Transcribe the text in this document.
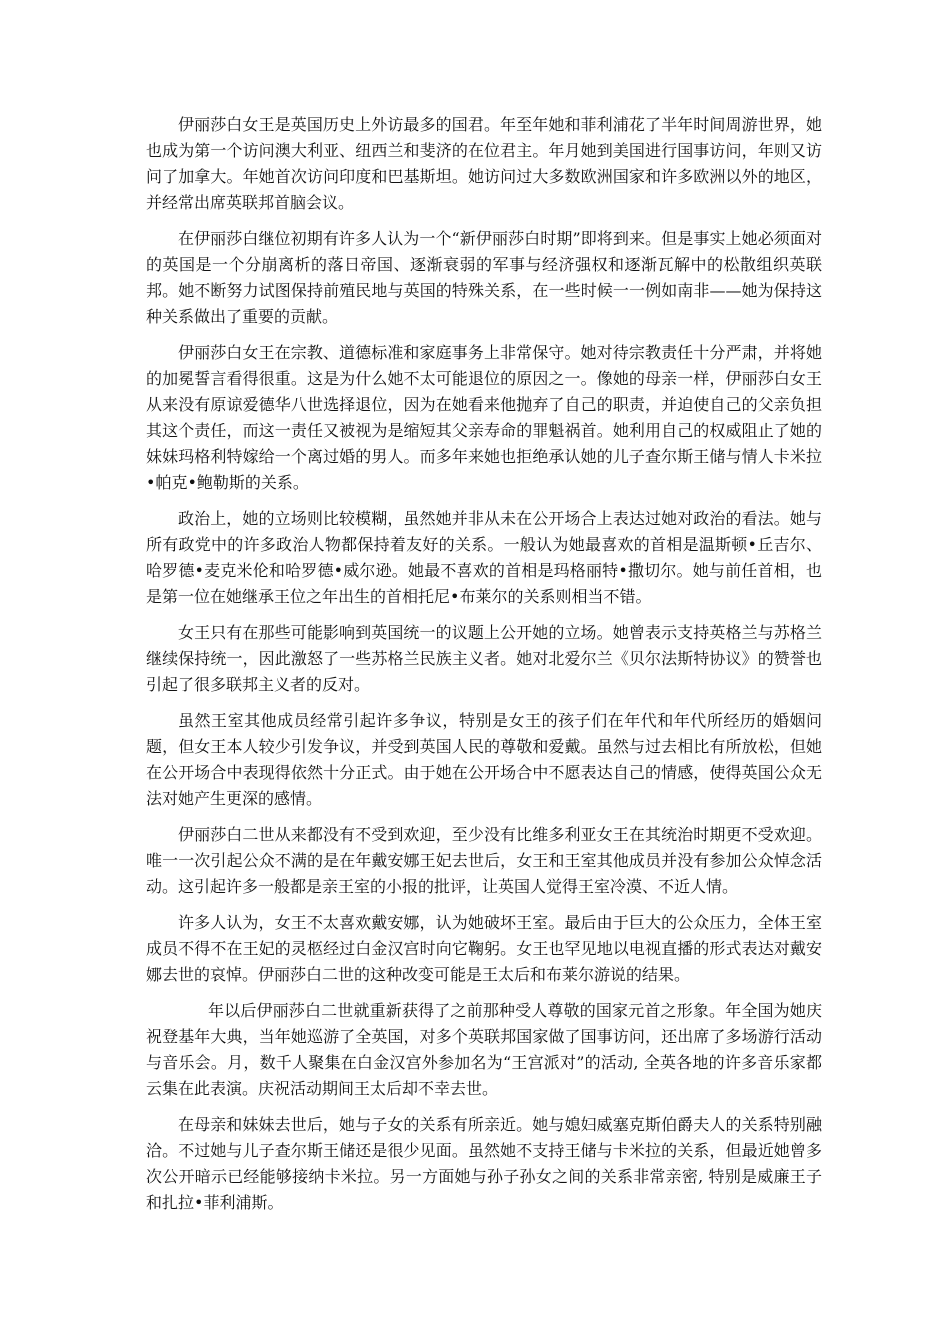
伊丽莎白女王是英国历史上外访最多的国君。年至年她和菲利浦花了半年时间周游世界，她也成为第一个访问澳大利亚、纽西兰和斐济的在位君主。年月她到美国进行国事访问，年则又访问了加拿大。年她首次访问印度和巴基斯坦。她访问过大多数欧洲国家和许多欧洲以外的地区，并经常出席英联邦首脑会议。

在伊丽莎白继位初期有许多人认为一个“新伊丽莎白时期”即将到来。但是事实上她必须面对的英国是一个分崩离析的落日帝国、逐渐衰弱的军事与经济强权和逐渐瓦解中的松散组织英联邦。她不断努力试图保持前殖民地与英国的特殊关系，在一些时候一一例如南非——她为保持这种关系做出了重要的贡献。

伊丽莎白女王在宗教、道德标准和家庭事务上非常保守。她对待宗教责任十分严肃，并将她的加冕誓言看得很重。这是为什么她不太可能退位的原因之一。像她的母亲一样，伊丽莎白女王从来没有原谅爱德华八世选择退位，因为在她看来他抛弃了自己的职责，并迫使自己的父亲负担其这个责任，而这一责任又被视为是缩短其父亲寿命的罪魁祸首。她利用自己的权威阻止了她的妹妹玛格利特嫁给一个离过婚的男人。而多年来她也拒绝承认她的儿子查尔斯王储与情人卡米拉•帕克•鲍勒斯的关系。

政治上，她的立场则比较模糊，虽然她并非从未在公开场合上表达过她对政治的看法。她与所有政党中的许多政治人物都保持着友好的关系。一般认为她最喜欢的首相是温斯顿•丘吉尔、哈罗德•麦克米伦和哈罗德•威尔逊。她最不喜欢的首相是玛格丽特•撒切尔。她与前任首相，也是第一位在她继承王位之年出生的首相托尼•布莱尔的关系则相当不错。

女王只有在那些可能影响到英国统一的议题上公开她的立场。她曾表示支持英格兰与苏格兰继续保持统一，因此激怒了一些苏格兰民族主义者。她对北爱尔兰《贝尔法斯特协议》的赞誉也引起了很多联邦主义者的反对。

虽然王室其他成员经常引起许多争议，特别是女王的孩子们在年代和年代所经历的婚姻问题，但女王本人较少引发争议，并受到英国人民的尊敬和爱戴。虽然与过去相比有所放松，但她在公开场合中表现得依然十分正式。由于她在公开场合中不愿表达自己的情感，使得英国公众无法对她产生更深的感情。

伊丽莎白二世从来都没有不受到欢迎，至少没有比维多利亚女王在其统治时期更不受欢迎。唯一一次引起公众不满的是在年戴安娜王妃去世后，女王和王室其他成员并没有参加公众悼念活动。这引起许多一般都是亲王室的小报的批评，让英国人觉得王室冷漠、不近人情。

许多人认为，女王不太喜欢戴安娜，认为她破坏王室。最后由于巨大的公众压力，全体王室成员不得不在王妃的灵柩经过白金汉宫时向它鞠躬。女王也罕见地以电视直播的形式表达对戴安娜去世的哀悼。伊丽莎白二世的这种改变可能是王太后和布莱尔游说的结果。

年以后伊丽莎白二世就重新获得了之前那种受人尊敬的国家元首之形象。年全国为她庆祝登基年大典，当年她巡游了全英国，对多个英联邦国家做了国事访问，还出席了多场游行活动与音乐会。月，数千人聚集在白金汉宫外参加名为“王宫派对”的活动, 全英各地的许多音乐家都云集在此表演。庆祝活动期间王太后却不幸去世。

在母亲和妹妹去世后，她与子女的关系有所亲近。她与媳妇威塞克斯伯爵夫人的关系特别融洽。不过她与儿子查尔斯王储还是很少见面。虽然她不支持王储与卡米拉的关系，但最近她曾多次公开暗示已经能够接纳卡米拉。另一方面她与孙子孙女之间的关系非常亲密, 特别是威廉王子和扎拉•菲利浦斯。
